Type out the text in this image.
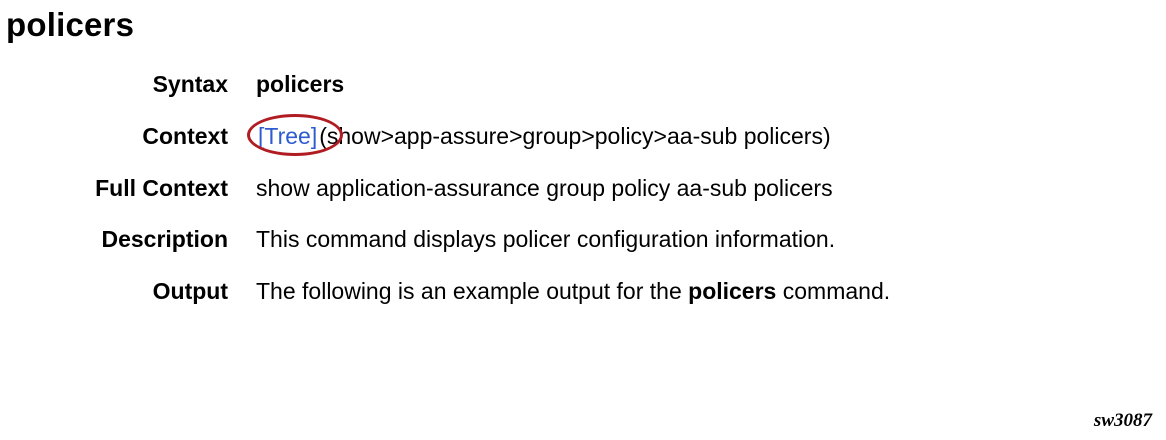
policers
Syntax policers
Context [Tree]
(show>app-assure>group>policy>aa-sub policers)
Full Context show application-assurance group policy aa-sub policers
Description This command displays policer configuration information.
Output The following is an example output for the policers command.
sw3087
